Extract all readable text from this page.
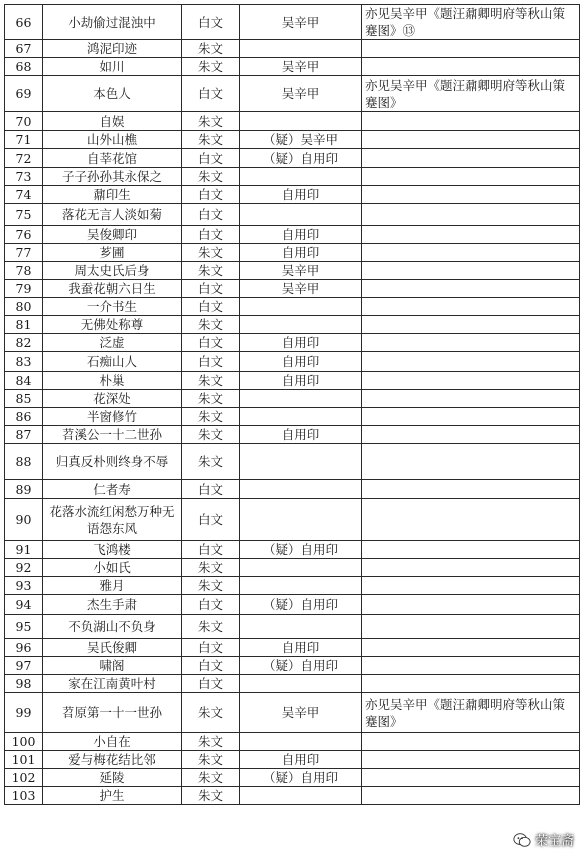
66	小劫偷过混浊中	白文	吴辛甲	亦见吴辛甲《题汪鼐卿明府等秋山策蹇图》⑬
67	鸿泥印迹	朱文		
68	如川	朱文	吴辛甲	
69	本色人	白文	吴辛甲	亦见吴辛甲《题汪鼐卿明府等秋山策蹇图》
70	自娱	朱文		
71	山外山樵	朱文	（疑）吴辛甲	
72	自莘花馆	白文	（疑）自用印	
73	子子孙孙其永保之	朱文		
74	鼐印生	白文	自用印	
75	落花无言人淡如菊	白文		
76	吴俊卿印	白文	自用印	
77	芗圃	朱文	自用印	
78	周太史氏后身	朱文	吴辛甲	
79	我蚕花朝六日生	白文	吴辛甲	
80	一介书生	白文		
81	无佛处称尊	朱文		
82	泛虚	白文	自用印	
83	石痴山人	白文	自用印	
84	朴巢	朱文	自用印	
85	花深处	朱文		
86	半窗修竹	朱文		
87	苕溪公一十二世孙	朱文	自用印	
88	归真反朴则终身不辱	朱文		
89	仁者寿	白文		
90	花落水流红闲愁万种无语怨东风	白文		
91	飞鸿楼	白文	（疑）自用印	
92	小如氏	朱文		
93	雅月	朱文		
94	杰生手肃	白文	（疑）自用印	
95	不负湖山不负身	朱文		
96	吴氏俊卿	白文	自用印	
97	啸阁	白文	（疑）自用印	
98	家在江南黄叶村	白文		
99	苕原第一十一世孙	朱文	吴辛甲	亦见吴辛甲《题汪鼐卿明府等秋山策蹇图》
100	小自在	朱文		
101	爱与梅花结比邻	朱文	自用印	
102	延陵	朱文	（疑）自用印	
103	护生	朱文		
荣宝斋
